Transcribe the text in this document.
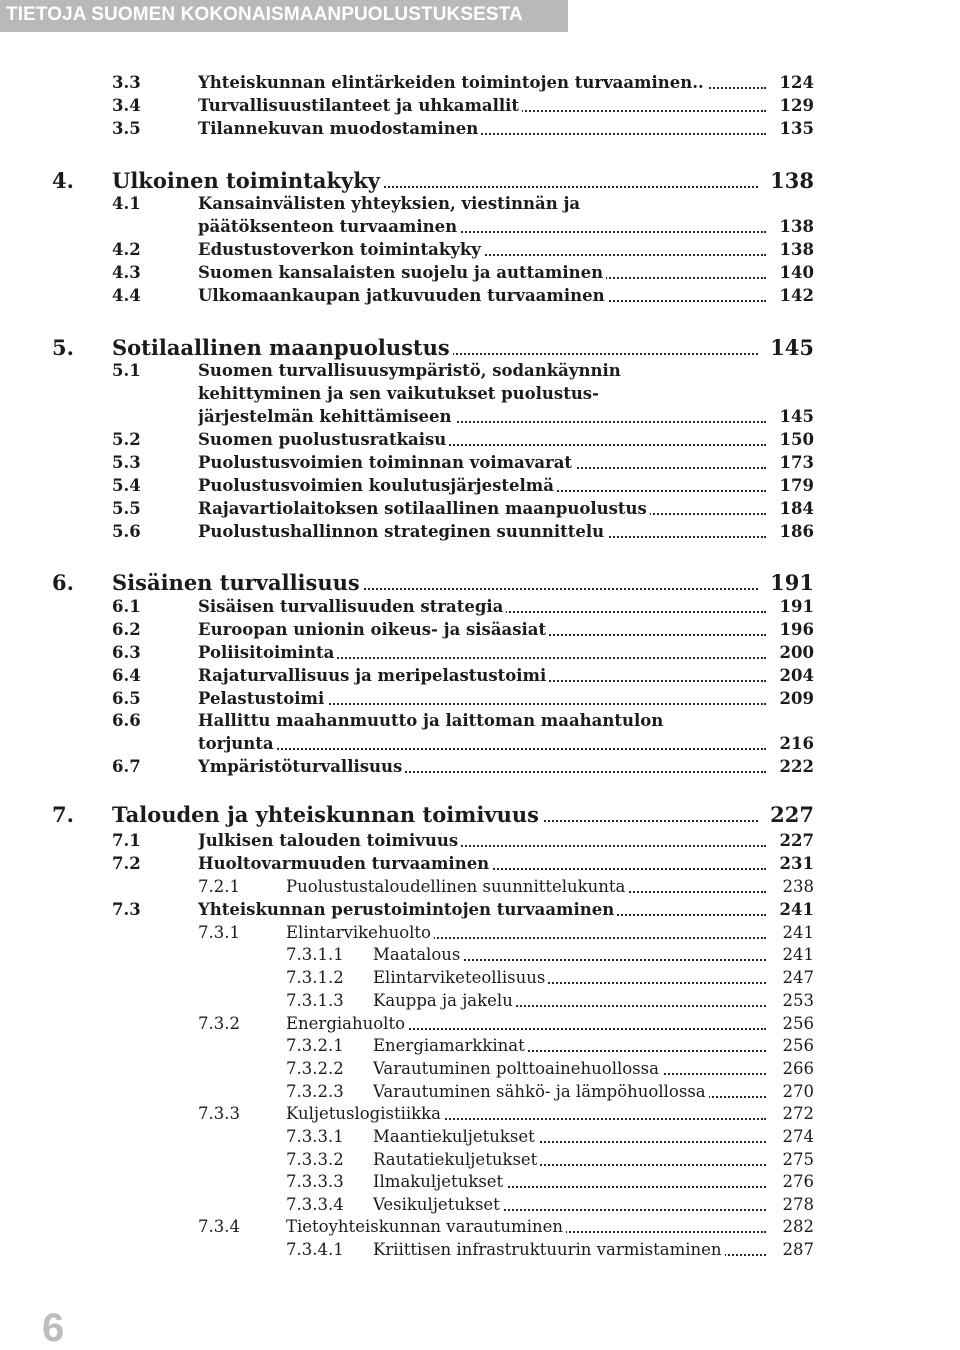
TIETOJA SUOMEN KOKONAISMAANPUOLUSTUKSESTA
3.3	Yhteiskunnan elintärkeiden toimintojen turvaaminen..	124
3.4	Turvallisuustilanteet ja uhkamallit	129
3.5	Tilannekuvan muodostaminen	135
4. Ulkoinen toimintakyky	138
4.1	Kansainvälisten yhteyksien, viestinnän ja
päätöksenteon turvaaminen	138
4.2	Edustustoverkon toimintakyky	138
4.3	Suomen kansalaisten suojelu ja auttaminen	140
4.4	Ulkomaankaupan jatkuvuuden turvaaminen	142
5. Sotilaallinen maanpuolustus	145
5.1	Suomen turvallisuusympäristö, sodankäynnin
kehittyminen ja sen vaikutukset puolustus-
järjestelmän kehittämiseen	145
5.2	Suomen puolustusratkaisu	150
5.3	Puolustusvoimien toiminnan voimavarat	173
5.4	Puolustusvoimien koulutusjärjestelmä	179
5.5	Rajavartiolaitoksen sotilaallinen maanpuolustus	184
5.6	Puolustushallinnon strateginen suunnittelu	186
6. Sisäinen turvallisuus	191
6.1	Sisäisen turvallisuuden strategia	191
6.2	Euroopan unionin oikeus- ja sisäasiat	196
6.3	Poliisitoiminta	200
6.4	Rajaturvallisuus ja meripelastustoimi	204
6.5	Pelastustoimi	209
6.6	Hallittu maahanmuutto ja laittoman maahantulon
torjunta	216
6.7	Ympäristöturvallisuus	222
7. Talouden ja yhteiskunnan toimivuus	227
7.1	Julkisen talouden toimivuus	227
7.2	Huoltovarmuuden turvaaminen	231
7.2.1	Puolustustaloudellinen suunnittelukunta	238
7.3	Yhteiskunnan perustoimintojen turvaaminen	241
7.3.1	Elintarvikehuolto	241
7.3.1.1 Maatalous	241
7.3.1.2 Elintarviketeollisuus	247
7.3.1.3 Kauppa ja jakelu	253
7.3.2	Energiahuolto	256
7.3.2.1 Energiamarkkinat	256
7.3.2.2 Varautuminen polttoainehuollossa	266
7.3.2.3 Varautuminen sähkö- ja lämpöhuollossa	270
7.3.3	Kuljetuslogistiikka	272
7.3.3.1 Maantiekuljetukset	274
7.3.3.2 Rautatiekuljetukset	275
7.3.3.3 Ilmakuljetukset	276
7.3.3.4 Vesikuljetukset	278
7.3.4	Tietoyhteiskunnan varautuminen	282
7.3.4.1 Kriittisen infrastruktuurin varmistaminen	287
6
